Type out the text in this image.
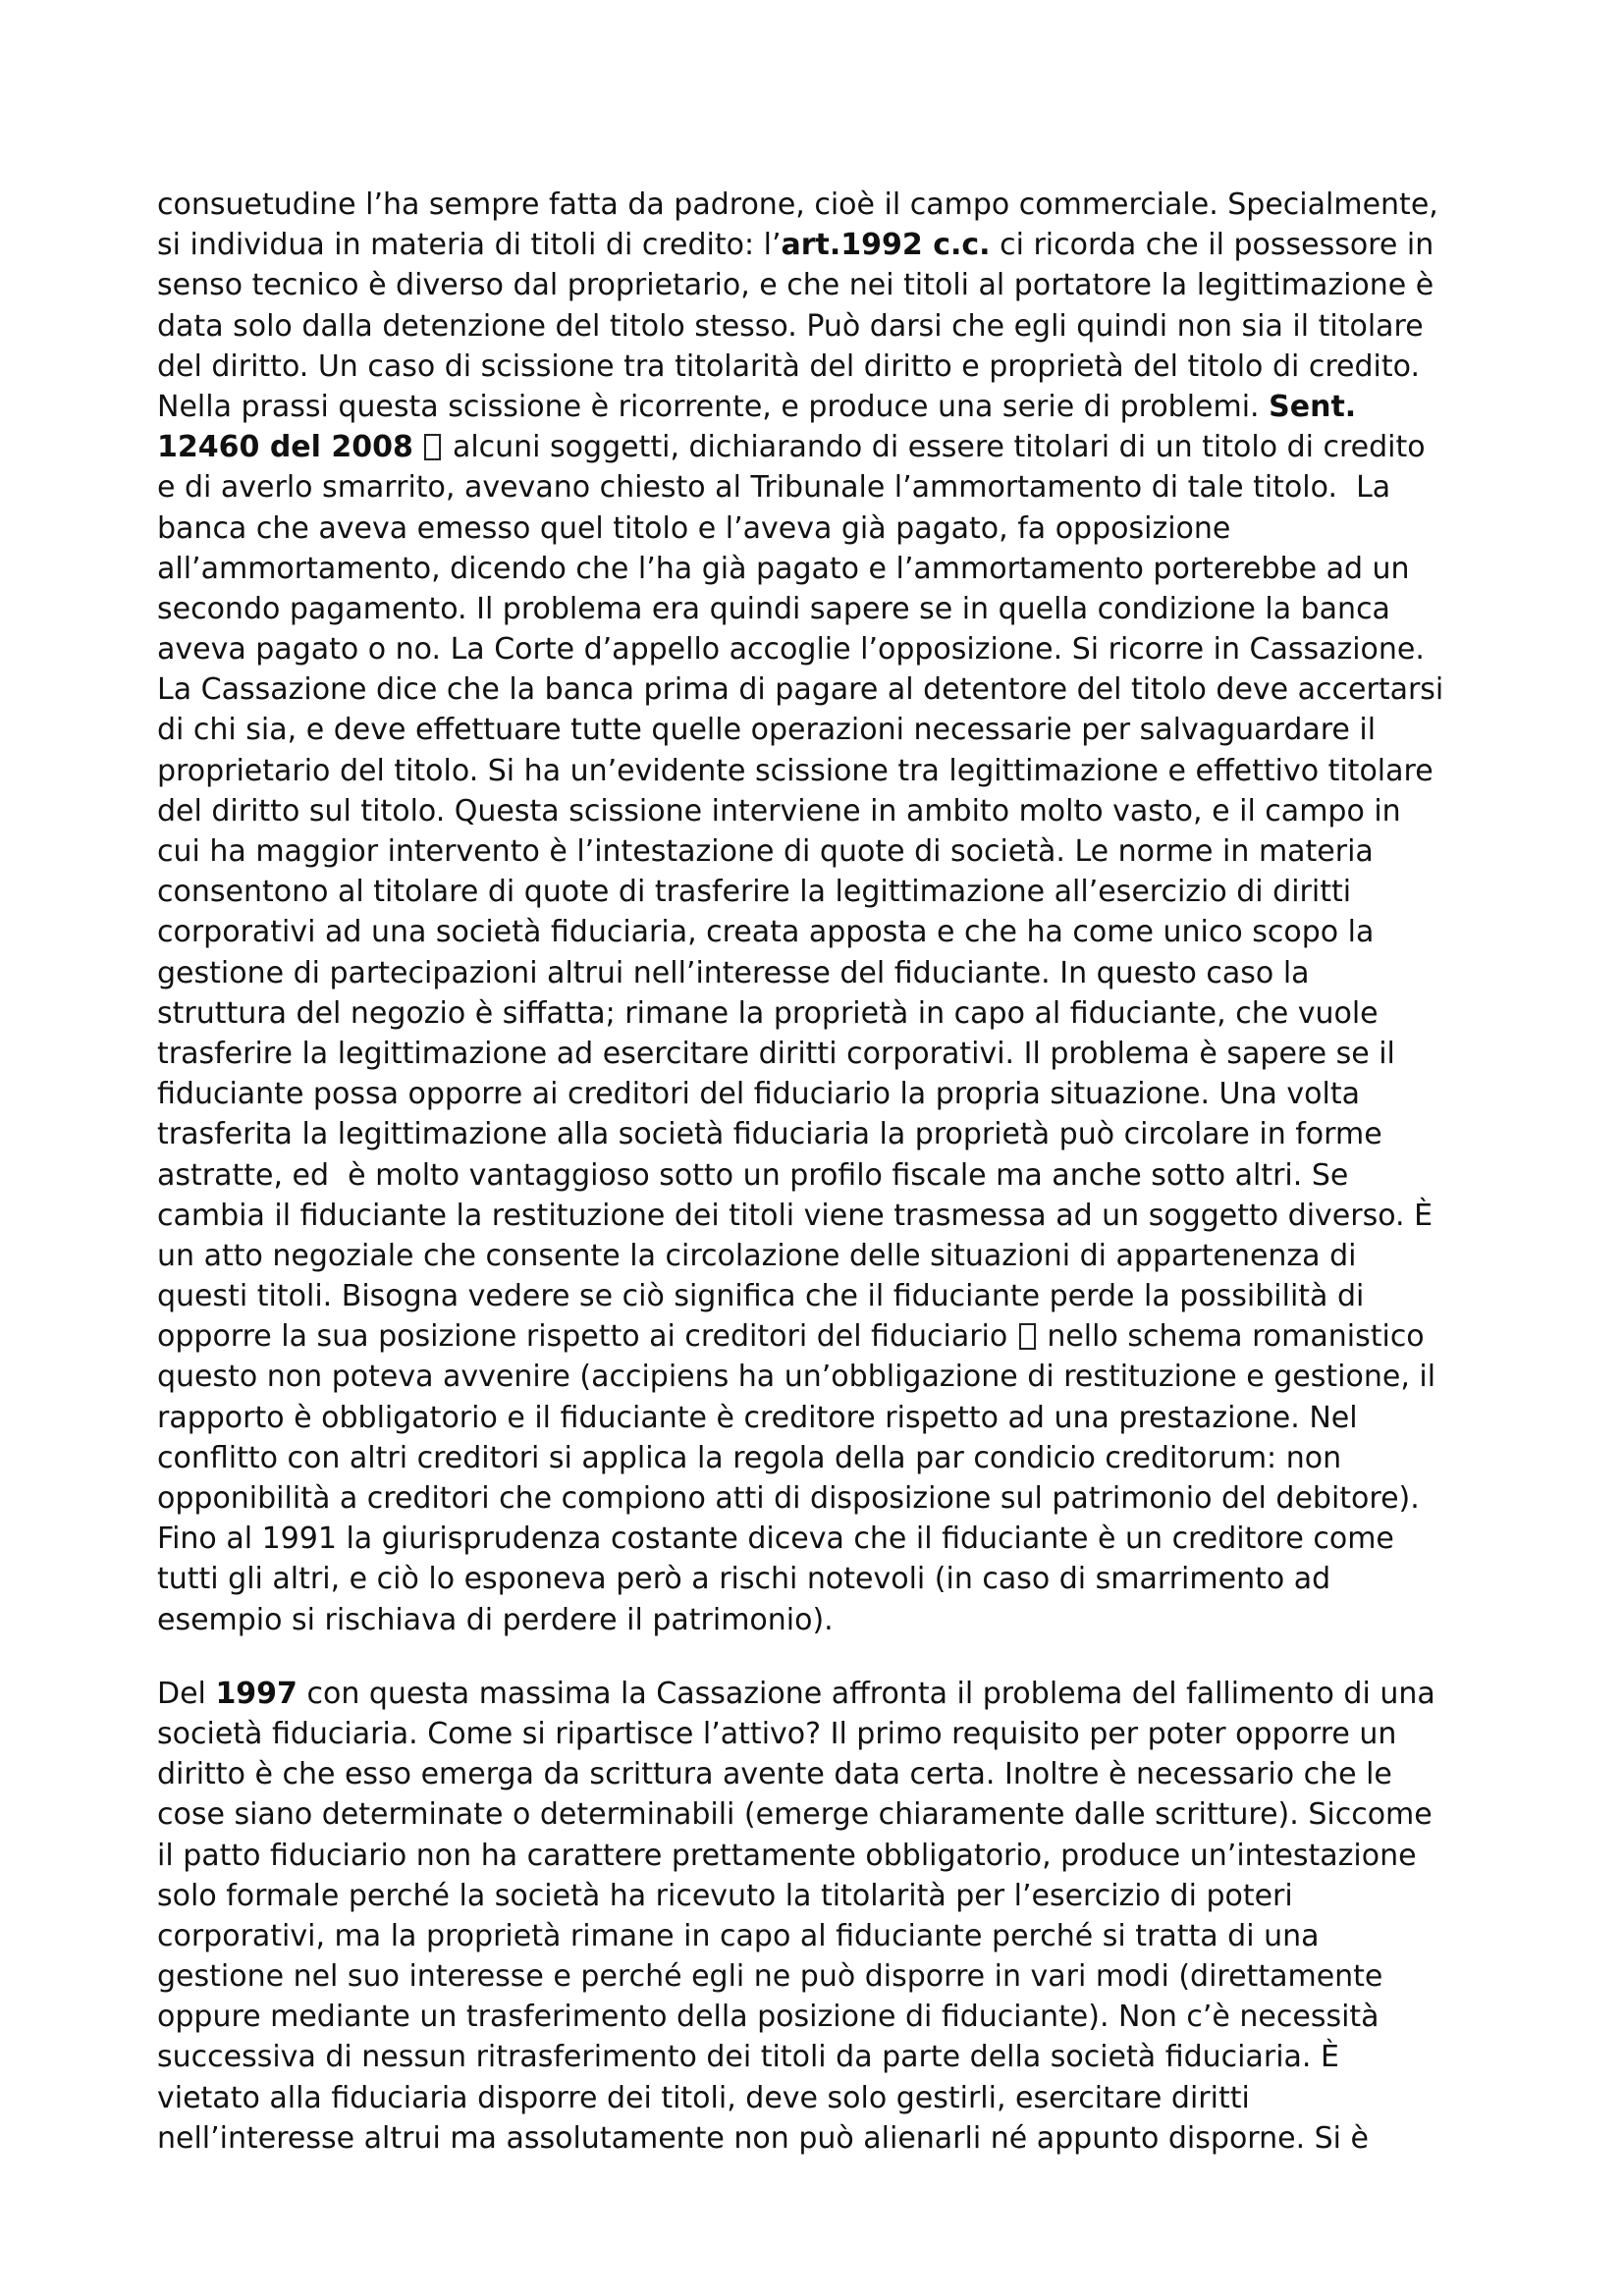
consuetudine l’ha sempre fatta da padrone, cioè il campo commerciale. Specialmente,
si individua in materia di titoli di credito: l’art.1992 c.c. ci ricorda che il possessore in
senso tecnico è diverso dal proprietario, e che nei titoli al portatore la legittimazione è
data solo dalla detenzione del titolo stesso. Può darsi che egli quindi non sia il titolare
del diritto. Un caso di scissione tra titolarità del diritto e proprietà del titolo di credito.
Nella prassi questa scissione è ricorrente, e produce una serie di problemi. Sent.
12460 del 2008  alcuni soggetti, dichiarando di essere titolari di un titolo di credito
e di averlo smarrito, avevano chiesto al Tribunale l’ammortamento di tale titolo.  La
banca che aveva emesso quel titolo e l’aveva già pagato, fa opposizione
all’ammortamento, dicendo che l’ha già pagato e l’ammortamento porterebbe ad un
secondo pagamento. Il problema era quindi sapere se in quella condizione la banca
aveva pagato o no. La Corte d’appello accoglie l’opposizione. Si ricorre in Cassazione.
La Cassazione dice che la banca prima di pagare al detentore del titolo deve accertarsi
di chi sia, e deve effettuare tutte quelle operazioni necessarie per salvaguardare il
proprietario del titolo. Si ha un’evidente scissione tra legittimazione e effettivo titolare
del diritto sul titolo. Questa scissione interviene in ambito molto vasto, e il campo in
cui ha maggior intervento è l’intestazione di quote di società. Le norme in materia
consentono al titolare di quote di trasferire la legittimazione all’esercizio di diritti
corporativi ad una società fiduciaria, creata apposta e che ha come unico scopo la
gestione di partecipazioni altrui nell’interesse del fiduciante. In questo caso la
struttura del negozio è siffatta; rimane la proprietà in capo al fiduciante, che vuole
trasferire la legittimazione ad esercitare diritti corporativi. Il problema è sapere se il
fiduciante possa opporre ai creditori del fiduciario la propria situazione. Una volta
trasferita la legittimazione alla società fiduciaria la proprietà può circolare in forme
astratte, ed  è molto vantaggioso sotto un profilo fiscale ma anche sotto altri. Se
cambia il fiduciante la restituzione dei titoli viene trasmessa ad un soggetto diverso. È
un atto negoziale che consente la circolazione delle situazioni di appartenenza di
questi titoli. Bisogna vedere se ciò significa che il fiduciante perde la possibilità di
opporre la sua posizione rispetto ai creditori del fiduciario  nello schema romanistico
questo non poteva avvenire (accipiens ha un’obbligazione di restituzione e gestione, il
rapporto è obbligatorio e il fiduciante è creditore rispetto ad una prestazione. Nel
conflitto con altri creditori si applica la regola della par condicio creditorum: non
opponibilità a creditori che compiono atti di disposizione sul patrimonio del debitore).
Fino al 1991 la giurisprudenza costante diceva che il fiduciante è un creditore come
tutti gli altri, e ciò lo esponeva però a rischi notevoli (in caso di smarrimento ad
esempio si rischiava di perdere il patrimonio).
Del 1997 con questa massima la Cassazione affronta il problema del fallimento di una
società fiduciaria. Come si ripartisce l’attivo? Il primo requisito per poter opporre un
diritto è che esso emerga da scrittura avente data certa. Inoltre è necessario che le
cose siano determinate o determinabili (emerge chiaramente dalle scritture). Siccome
il patto fiduciario non ha carattere prettamente obbligatorio, produce un’intestazione
solo formale perché la società ha ricevuto la titolarità per l’esercizio di poteri
corporativi, ma la proprietà rimane in capo al fiduciante perché si tratta di una
gestione nel suo interesse e perché egli ne può disporre in vari modi (direttamente
oppure mediante un trasferimento della posizione di fiduciante). Non c’è necessità
successiva di nessun ritrasferimento dei titoli da parte della società fiduciaria. È
vietato alla fiduciaria disporre dei titoli, deve solo gestirli, esercitare diritti
nell’interesse altrui ma assolutamente non può alienarli né appunto disporne. Si è
